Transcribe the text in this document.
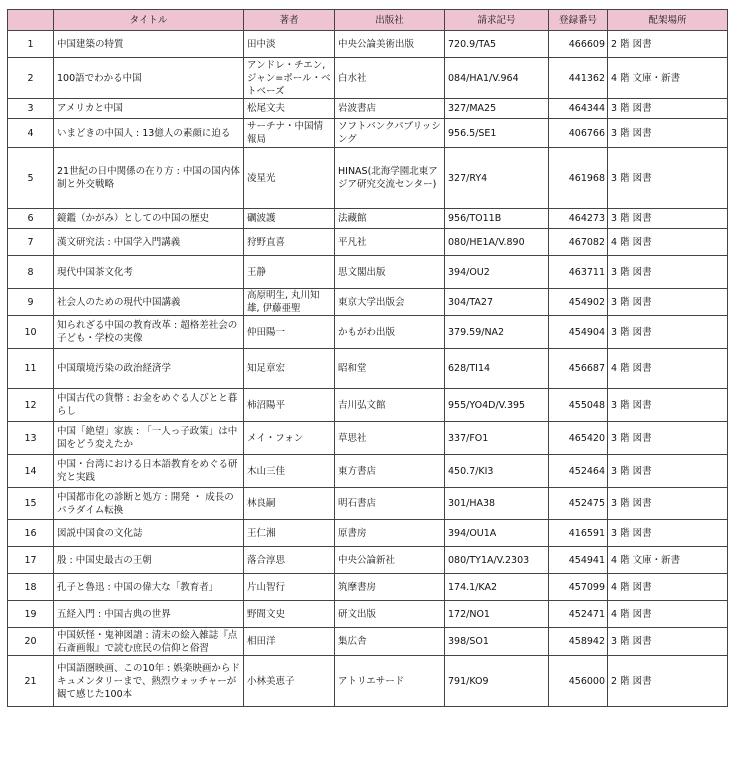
	タイトル	著者	出版社	請求記号	登録番号	配架場所
1	中国建築の特質	田中淡	中央公論美術出版	720.9/TA5	466609	2 階 図書
2	100語でわかる中国	アンドレ・チエン, ジャン=ポール・ベトベーズ	白水社	084/HA1/V.964	441362	4 階 文庫・新書
3	アメリカと中国	松尾文夫	岩波書店	327/MA25	464344	3 階 図書
4	いまどきの中国人 : 13億人の素顔に迫る	サーチナ・中国情報局	ソフトバンクパブリッシング	956.5/SE1	406766	3 階 図書
5	21世紀の日中関係の在り方 : 中国の国内体制と外交戦略	凌星光	HINAS(北海学園北東アジア研究交流センター)	327/RY4	461968	3 階 図書
6	鏡鑑（かがみ）としての中国の歴史	礪波護	法藏館	956/TO11B	464273	3 階 図書
7	漢文研究法 : 中国学入門講義	狩野直喜	平凡社	080/HE1A/V.890	467082	4 階 図書
8	現代中国茶文化考	王静	思文閣出版	394/OU2	463711	3 階 図書
9	社会人のための現代中国講義	高原明生, 丸川知雄, 伊藤亜聖	東京大学出版会	304/TA27	454902	3 階 図書
10	知られざる中国の教育改革 : 超格差社会の子ども・学校の実像	仲田陽一	かもがわ出版	379.59/NA2	454904	3 階 図書
11	中国環境汚染の政治経済学	知足章宏	昭和堂	628/TI14	456687	4 階 図書
12	中国古代の貨幣 : お金をめぐる人びとと暮らし	柿沼陽平	吉川弘文館	955/YO4D/V.395	455048	3 階 図書
13	中国「絶望」家族 : 「一人っ子政策」は中国をどう変えたか	メイ・フォン	草思社	337/FO1	465420	3 階 図書
14	中国・台湾における日本語教育をめぐる研究と実践	木山三佳	東方書店	450.7/KI3	452464	3 階 図書
15	中国都市化の診断と処方 : 開発 ・ 成長のパラダイム転換	林良嗣	明石書店	301/HA38	452475	3 階 図書
16	図説中国食の文化誌	王仁湘	原書房	394/OU1A	416591	3 階 図書
17	殷 : 中国史最古の王朝	落合淳思	中央公論新社	080/TY1A/V.2303	454941	4 階 文庫・新書
18	孔子と魯迅 : 中国の偉大な「教育者」	片山智行	筑摩書房	174.1/KA2	457099	4 階 図書
19	五経入門 : 中国古典の世界	野間文史	研文出版	172/NO1	452471	4 階 図書
20	中国妖怪・鬼神図譜 : 清末の絵入雑誌『点石斎画報』で読む庶民の信仰と俗習	相田洋	集広舎	398/SO1	458942	3 階 図書
21	中国語圏映画、この10年 : 娯楽映画からドキュメンタリーまで、熱烈ウォッチャーが観て感じた100本	小林美恵子	アトリエサード	791/KO9	456000	2 階 図書
